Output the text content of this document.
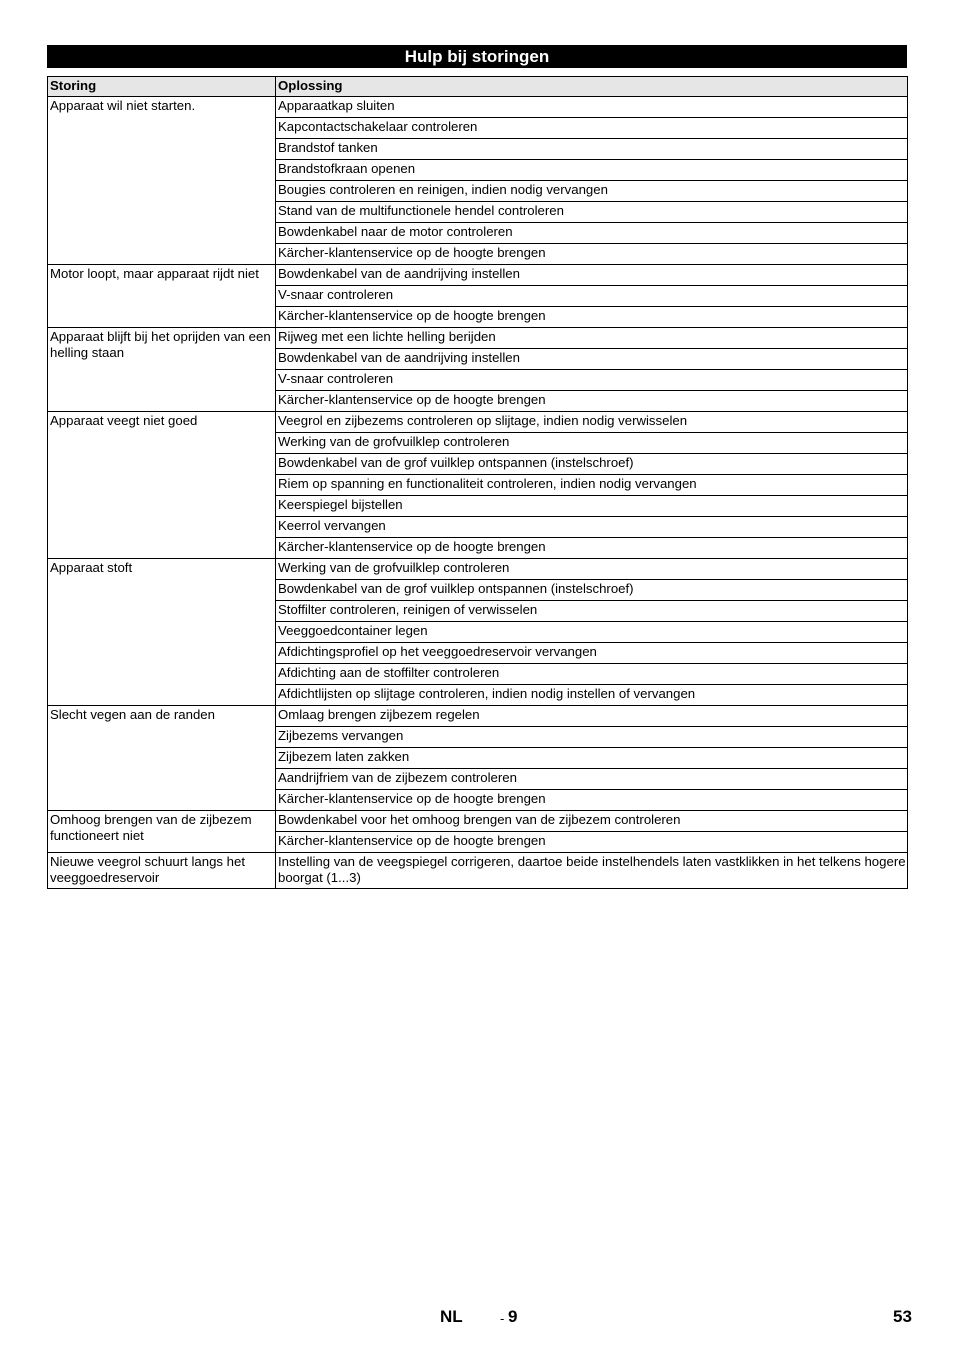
Hulp bij storingen
Storing	Oplossing
Apparaat wil niet starten.	Apparaatkap sluiten
	Kapcontactschakelaar controleren
	Brandstof tanken
	Brandstofkraan openen
	Bougies controleren en reinigen, indien nodig vervangen
	Stand van de multifunctionele hendel controleren
	Bowdenkabel naar de motor controleren
	Kärcher-klantenservice op de hoogte brengen
Motor loopt, maar apparaat rijdt niet	Bowdenkabel van de aandrijving instellen
	V-snaar controleren
	Kärcher-klantenservice op de hoogte brengen
Apparaat blijft bij het oprijden van een helling staan	Rijweg met een lichte helling berijden
	Bowdenkabel van de aandrijving instellen
	V-snaar controleren
	Kärcher-klantenservice op de hoogte brengen
Apparaat veegt niet goed	Veegrol en zijbezems controleren op slijtage, indien nodig verwisselen
	Werking van de grofvuilklep controleren
	Bowdenkabel van de grof vuilklep ontspannen (instelschroef)
	Riem op spanning en functionaliteit controleren, indien nodig vervangen
	Keerspiegel bijstellen
	Keerrol vervangen
	Kärcher-klantenservice op de hoogte brengen
Apparaat stoft	Werking van de grofvuilklep controleren
	Bowdenkabel van de grof vuilklep ontspannen (instelschroef)
	Stoffilter controleren, reinigen of verwisselen
	Veeggoedcontainer legen
	Afdichtingsprofiel op het veeggoedreservoir vervangen
	Afdichting aan de stoffilter controleren
	Afdichtlijsten op slijtage controleren, indien nodig instellen of vervangen
Slecht vegen aan de randen	Omlaag brengen zijbezem regelen
	Zijbezems vervangen
	Zijbezem laten zakken
	Aandrijfriem van de zijbezem controleren
	Kärcher-klantenservice op de hoogte brengen
Omhoog brengen van de zijbezem functioneert niet	Bowdenkabel voor het omhoog brengen van de zijbezem controleren
	Kärcher-klantenservice op de hoogte brengen
Nieuwe veegrol schuurt langs het veeggoedreservoir	Instelling van de veegspiegel corrigeren, daartoe beide instelhendels laten vastklikken in het telkens hogere boorgat (1...3)
NL	- 9	53
